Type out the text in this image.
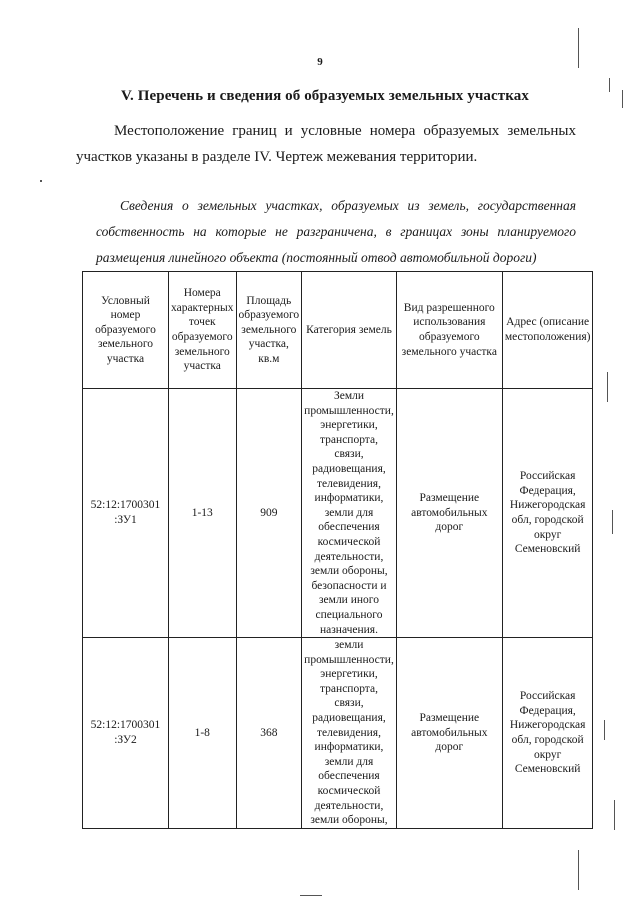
9
V. Перечень и сведения об образуемых земельных участках
Местоположение границ и условные номера образуемых земельных участков указаны в разделе IV. Чертеж межевания территории.
Сведения о земельных участках, образуемых из земель, государственная собственность на которые не разграничена, в границах зоны планируемого размещения линейного объекта (постоянный отвод автомобильной дороги)
Условный номер образуемого земельного участка	Номера характерных точек образуемого земельного участка	Площадь образуемого земельного участка, кв.м	Категория земель	Вид разрешенного использования образуемого земельного участка	Адрес (описание местоположения)
52:12:1700301 :ЗУ1	1-13	909	Земли промышленности, энергетики, транспорта, связи, радиовещания, телевидения, информатики, земли для обеспечения космической деятельности, земли обороны, безопасности и земли иного специального назначения.	Размещение автомобильных дорог	Российская Федерация, Нижегородская обл, городской округ Семеновский
52:12:1700301 :ЗУ2	1-8	368	земли промышленности, энергетики, транспорта, связи, радиовещания, телевидения, информатики, земли для обеспечения космической деятельности, земли обороны,	Размещение автомобильных дорог	Российская Федерация, Нижегородская обл, городской округ Семеновский
